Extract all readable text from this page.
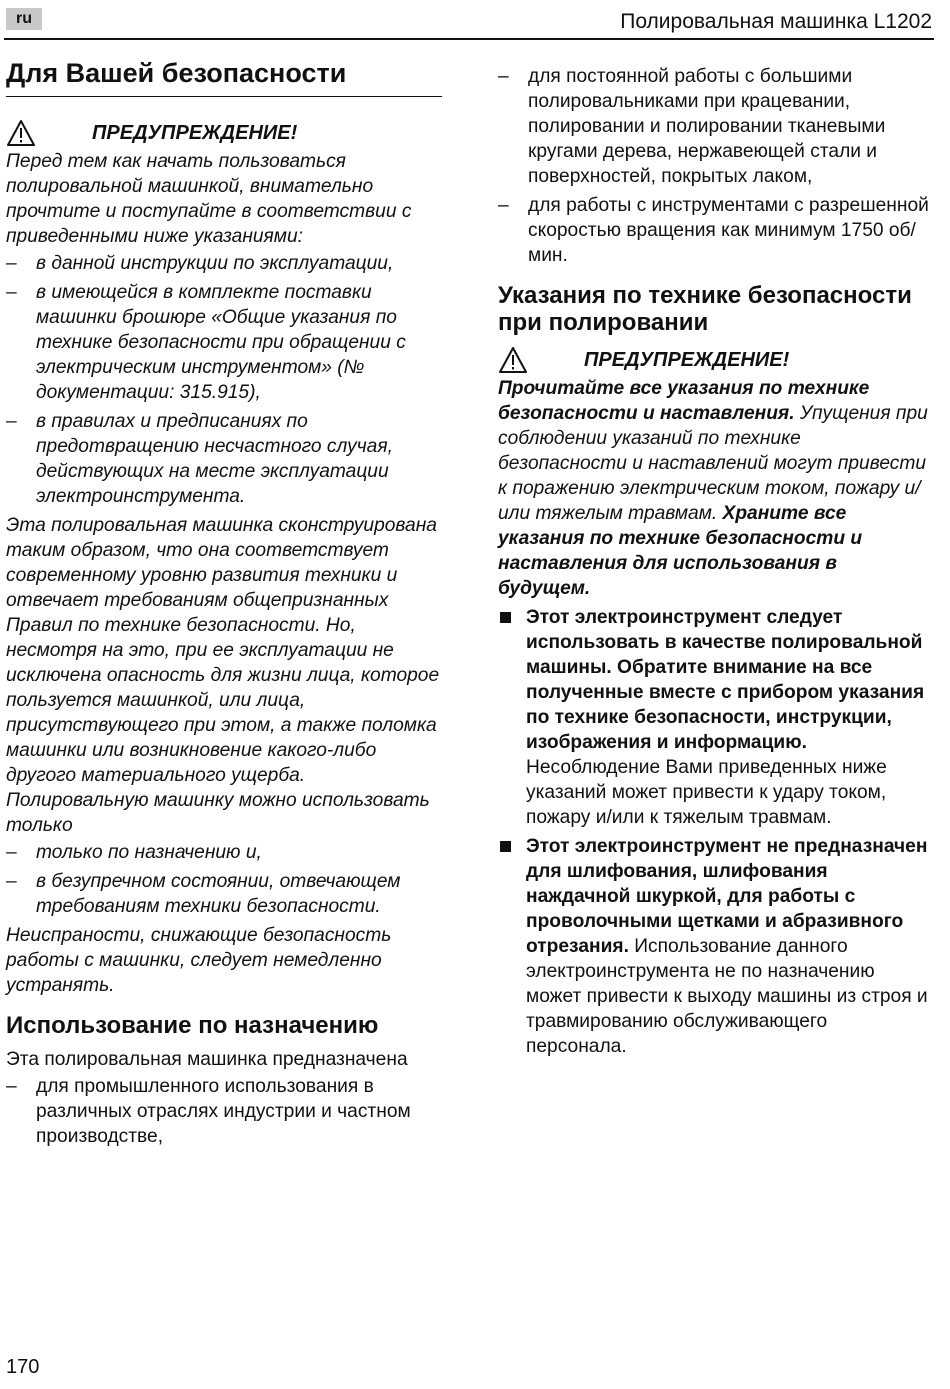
ru	Полировальная машинка L1202
Для Вашей безопасности
ПРЕДУПРЕЖДЕНИЕ!

Перед тем как начать пользоваться полировальной машинкой, внимательно прочтите и поступайте в соответствии с приведенными ниже указаниями:

– в данной инструкции по эксплуатации,
– в имеющейся в комплекте поставки машинки брошюре «Общие указания по технике безопасности при обращении с электрическим инструментом» (№ документации: 315.915),
– в правилах и предписаниях по предотвращению несчастного случая, действующих на месте эксплуатации электроинструмента.

Эта полировальная машинка сконструирована таким образом, что она соответствует современному уровню развития техники и отвечает требованиям общепризнанных Правил по технике безопасности. Но, несмотря на это, при ее эксплуатации не исключена опасность для жизни лица, которое пользуется машинкой, или лица, присутствующего при этом, а также поломка машинки или возникновение какого-либо другого материального ущерба. Полировальную машинку можно использовать только

– только по назначению и,
– в безупречном состоянии, отвечающем требованиям техники безопасности.

Неиспраности, снижающие безопасность работы с машинки, следует немедленно устранять.

Использование по назначению

Эта полировальная машинка предназначена

– для промышленного использования в различных отраслях индустрии и частном производстве,
– для постоянной работы с большими полировальниками при крацевании, полировании и полировании тканевыми кругами дерева, нержавеющей стали и поверхностей, покрытых лаком,
– для работы с инструментами с разрешенной скоростью вращения как минимум 1750 об/мин.
Указания по технике безопасности при полировании
ПРЕДУПРЕЖДЕНИЕ!

Прочитайте все указания по технике безопасности и наставления. Упущения при соблюдении указаний по технике безопасности и наставлений могут привести к поражению электрическим током, пожару и/или тяжелым травмам. Храните все указания по технике безопасности и наставления для использования в будущем.

Этот электроинструмент следует использовать в качестве полировальной машины. Обратите внимание на все полученные вместе с прибором указания по технике безопасности, инструкции, изображения и информацию. Несоблюдение Вами приведенных ниже указаний может привести к удару током, пожару и/или к тяжелым травмам.
Этот электроинструмент не предназначен для шлифования, шлифования наждачной шкуркой, для работы с проволочными щетками и абразивного отрезания. Использование данного электроинструмента не по назначению может привести к выходу машины из строя и травмированию обслуживающего персонала.
170
